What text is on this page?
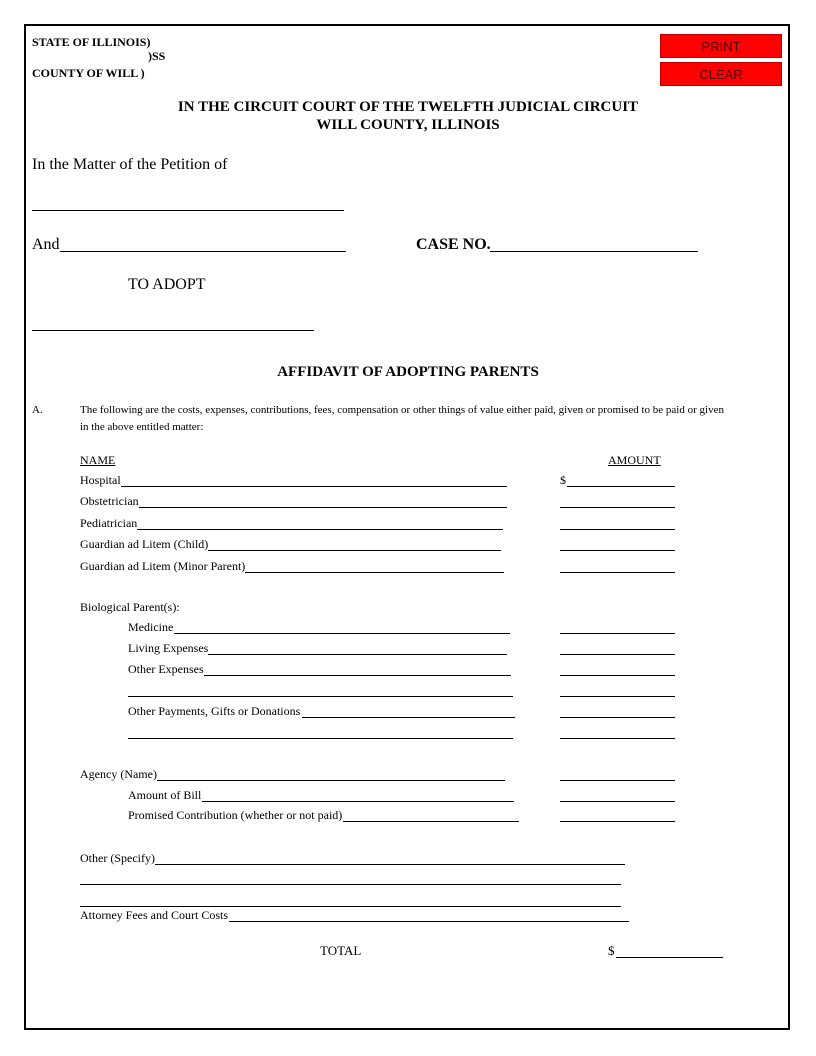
STATE OF ILLINOIS)
)SS
COUNTY OF WILL )
PRINT
CLEAR
IN THE CIRCUIT COURT OF THE TWELFTH JUDICIAL CIRCUIT
WILL COUNTY, ILLINOIS
In the Matter of the Petition of
And	CASE NO.
TO ADOPT
AFFIDAVIT OF ADOPTING PARENTS
A.	The following are the costs, expenses, contributions, fees, compensation or other things of value either paid, given or promised to be paid or given
in the above entitled matter:
NAME	AMOUNT
Hospital	$
Obstetrician
Pediatrician
Guardian ad Litem (Child)
Guardian ad Litem (Minor Parent)
Biological Parent(s):
Medicine
Living Expenses
Other Expenses
Other Payments, Gifts or Donations
Agency (Name)
Amount of Bill
Promised Contribution (whether or not paid)
Other (Specify)
Attorney Fees and Court Costs
TOTAL	$
